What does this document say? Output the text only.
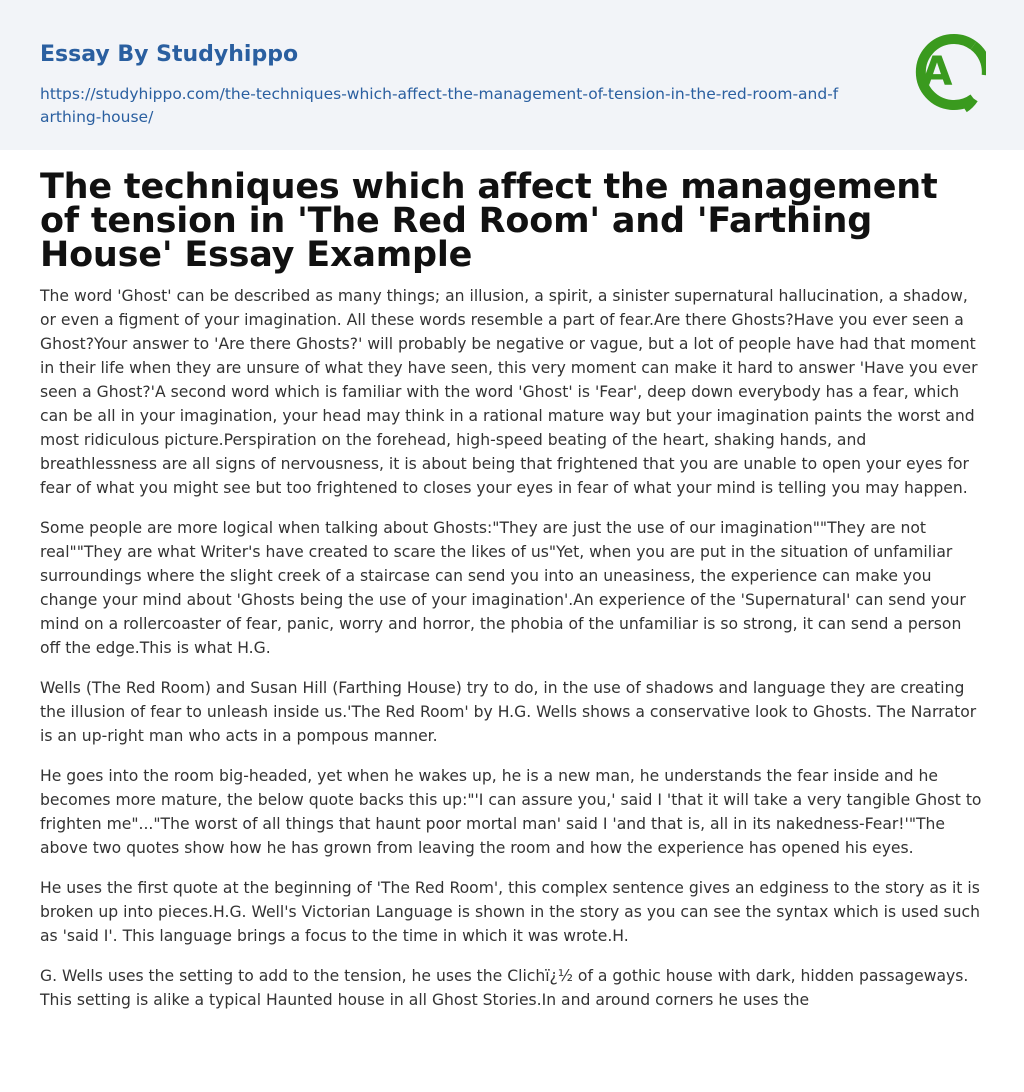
Essay By Studyhippo

https://studyhippo.com/the-techniques-which-affect-the-management-of-tension-in-the-red-room-and-farthing-house/
A
The techniques which affect the management of tension in 'The Red Room' and 'Farthing House' Essay Example

The word 'Ghost' can be described as many things; an illusion, a spirit, a sinister supernatural hallucination, a shadow, or even a figment of your imagination. All these words resemble a part of fear.Are there Ghosts?Have you ever seen a Ghost?Your answer to 'Are there Ghosts?' will probably be negative or vague, but a lot of people have had that moment in their life when they are unsure of what they have seen, this very moment can make it hard to answer 'Have you ever seen a Ghost?'A second word which is familiar with the word 'Ghost' is 'Fear', deep down everybody has a fear, which can be all in your imagination, your head may think in a rational mature way but your imagination paints the worst and most ridiculous picture.Perspiration on the forehead, high-speed beating of the heart, shaking hands, and breathlessness are all signs of nervousness, it is about being that frightened that you are unable to open your eyes for fear of what you might see but too frightened to closes your eyes in fear of what your mind is telling you may happen.

Some people are more logical when talking about Ghosts:"They are just the use of our imagination""They are not real""They are what Writer's have created to scare the likes of us"Yet, when you are put in the situation of unfamiliar surroundings where the slight creek of a staircase can send you into an uneasiness, the experience can make you change your mind about 'Ghosts being the use of your imagination'.An experience of the 'Supernatural' can send your mind on a rollercoaster of fear, panic, worry and horror, the phobia of the unfamiliar is so strong, it can send a person off the edge.This is what H.G.

Wells (The Red Room) and Susan Hill (Farthing House) try to do, in the use of shadows and language they are creating the illusion of fear to unleash inside us.'The Red Room' by H.G. Wells shows a conservative look to Ghosts. The Narrator is an up-right man who acts in a pompous manner.

He goes into the room big-headed, yet when he wakes up, he is a new man, he understands the fear inside and he becomes more mature, the below quote backs this up:"'I can assure you,' said I 'that it will take a very tangible Ghost to frighten me"..."The worst of all things that haunt poor mortal man' said I 'and that is, all in its nakedness-Fear!'"The above two quotes show how he has grown from leaving the room and how the experience has opened his eyes.

He uses the first quote at the beginning of 'The Red Room', this complex sentence gives an edginess to the story as it is broken up into pieces.H.G. Well's Victorian Language is shown in the story as you can see the syntax which is used such as 'said I'. This language brings a focus to the time in which it was wrote.H.

G. Wells uses the setting to add to the tension, he uses the Clichï¿½ of a gothic house with dark, hidden passageways. This setting is alike a typical Haunted house in all Ghost Stories.In and around corners he uses the
